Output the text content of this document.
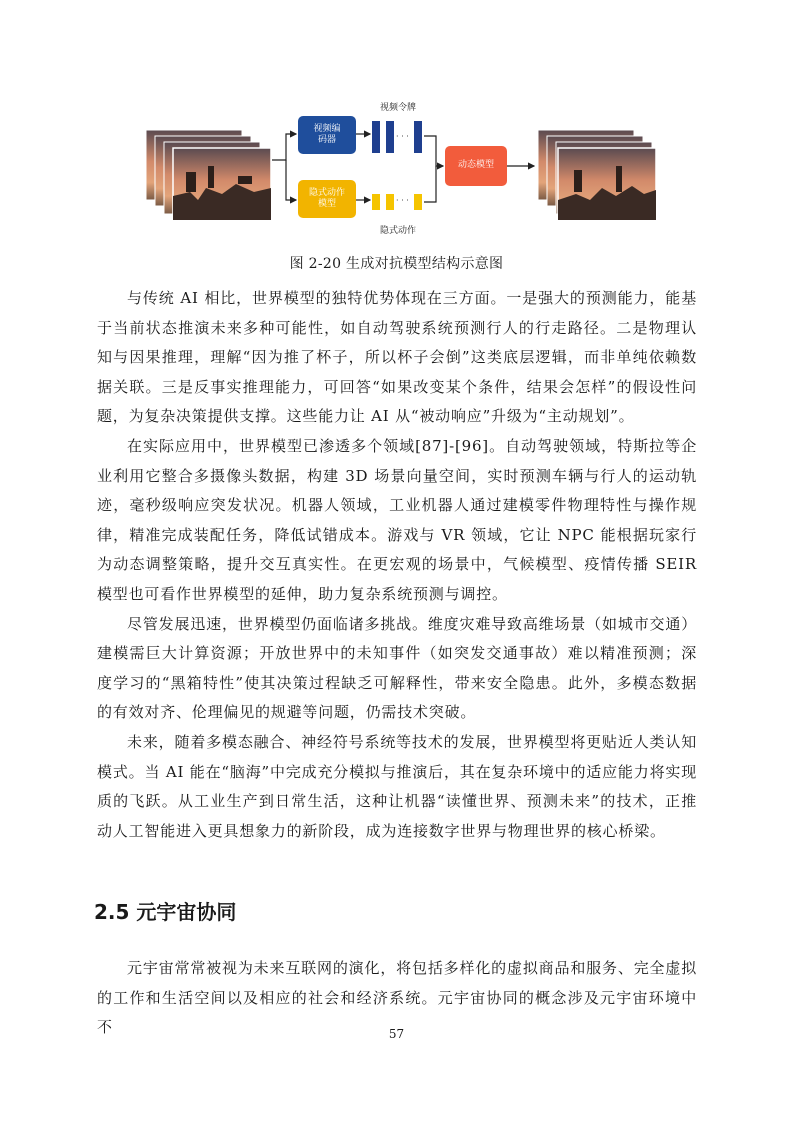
视频令牌
隐式动作
· · ·
· · ·
视频编
码器
隐式动作
模型
动态模型
图 2-20 生成对抗模型结构示意图

与传统 AI 相比，世界模型的独特优势体现在三方面。一是强大的预测能力，能基于当前状态推演未来多种可能性，如自动驾驶系统预测行人的行走路径。二是物理认知与因果推理，理解“因为推了杯子，所以杯子会倒”这类底层逻辑，而非单纯依赖数据关联。三是反事实推理能力，可回答“如果改变某个条件，结果会怎样”的假设性问题，为复杂决策提供支撑。这些能力让 AI 从“被动响应”升级为“主动规划”。

在实际应用中，世界模型已渗透多个领域[87]-[96]。自动驾驶领域，特斯拉等企业利用它整合多摄像头数据，构建 3D 场景向量空间，实时预测车辆与行人的运动轨迹，毫秒级响应突发状况。机器人领域，工业机器人通过建模零件物理特性与操作规律，精准完成装配任务，降低试错成本。游戏与 VR 领域，它让 NPC 能根据玩家行为动态调整策略，提升交互真实性。在更宏观的场景中，气候模型、疫情传播 SEIR 模型也可看作世界模型的延伸，助力复杂系统预测与调控。

尽管发展迅速，世界模型仍面临诸多挑战。维度灾难导致高维场景（如城市交通）建模需巨大计算资源；开放世界中的未知事件（如突发交通事故）难以精准预测；深度学习的“黑箱特性”使其决策过程缺乏可解释性，带来安全隐患。此外，多模态数据的有效对齐、伦理偏见的规避等问题，仍需技术突破。

未来，随着多模态融合、神经符号系统等技术的发展，世界模型将更贴近人类认知模式。当 AI 能在“脑海”中完成充分模拟与推演后，其在复杂环境中的适应能力将实现质的飞跃。从工业生产到日常生活，这种让机器“读懂世界、预测未来”的技术，正推动人工智能进入更具想象力的新阶段，成为连接数字世界与物理世界的核心桥梁。

2.5 元宇宙协同

元宇宙常常被视为未来互联网的演化，将包括多样化的虚拟商品和服务、完全虚拟的工作和生活空间以及相应的社会和经济系统。元宇宙协同的概念涉及元宇宙环境中不	57
